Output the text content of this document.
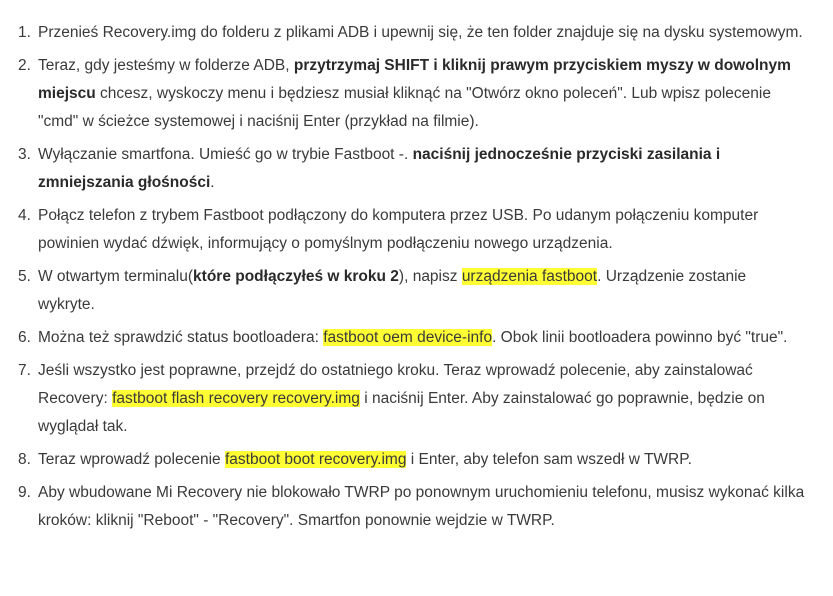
1. Przenieś Recovery.img do folderu z plikami ADB i upewnij się, że ten folder znajduje się na dysku systemowym.
2. Teraz, gdy jesteśmy w folderze ADB, przytrzymaj SHIFT i kliknij prawym przyciskiem myszy w dowolnym miejscu chcesz, wyskoczy menu i będziesz musiał kliknąć na "Otwórz okno poleceń". Lub wpisz polecenie "cmd" w ścieżce systemowej i naciśnij Enter (przykład na filmie).
3. Wyłączanie smartfona. Umieść go w trybie Fastboot -. naciśnij jednocześnie przyciski zasilania i zmniejszania głośności.
4. Połącz telefon z trybem Fastboot podłączony do komputera przez USB. Po udanym połączeniu komputer powinien wydać dźwięk, informujący o pomyślnym podłączeniu nowego urządzenia.
5. W otwartym terminalu(które podłączyłeś w kroku 2), napisz urządzenia fastboot. Urządzenie zostanie wykryte.
6. Można też sprawdzić status bootloadera: fastboot oem device-info. Obok linii bootloadera powinno być "true".
7. Jeśli wszystko jest poprawne, przejdź do ostatniego kroku. Teraz wprowadź polecenie, aby zainstalować Recovery: fastboot flash recovery recovery.img i naciśnij Enter. Aby zainstalować go poprawnie, będzie on wyglądał tak.
8. Teraz wprowadź polecenie fastboot boot recovery.img i Enter, aby telefon sam wszedł w TWRP.
9. Aby wbudowane Mi Recovery nie blokowało TWRP po ponownym uruchomieniu telefonu, musisz wykonać kilka kroków: kliknij "Reboot" - "Recovery". Smartfon ponownie wejdzie w TWRP.
